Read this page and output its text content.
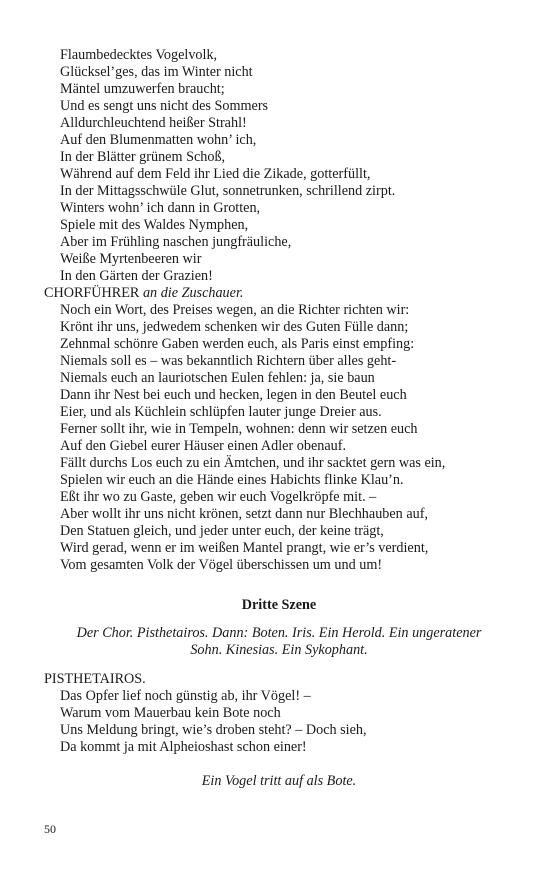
Flaumbedecktes Vogelvolk,
Glücksel’ges, das im Winter nicht
Mäntel umzuwerfen braucht;
Und es sengt uns nicht des Sommers
Alldurchleuchtend heißer Strahl!
Auf den Blumenmatten wohn’ ich,
In der Blätter grünem Schoß,
Während auf dem Feld ihr Lied die Zikade, gotterfüllt,
In der Mittagsschwüle Glut, sonnetrunken, schrillend zirpt.
Winters wohn’ ich dann in Grotten,
Spiele mit des Waldes Nymphen,
Aber im Frühling naschen jungfräuliche,
Weiße Myrtenbeeren wir
In den Gärten der Grazien!

CHORFÜHRER an die Zuschauer.

Noch ein Wort, des Preises wegen, an die Richter richten wir:
Krönt ihr uns, jedwedem schenken wir des Guten Fülle dann;
Zehnmal schönre Gaben werden euch, als Paris einst empfing:
Niemals soll es – was bekanntlich Richtern über alles geht-
Niemals euch an lauriotschen Eulen fehlen: ja, sie baun
Dann ihr Nest bei euch und hecken, legen in den Beutel euch
Eier, und als Küchlein schlüpfen lauter junge Dreier aus.
Ferner sollt ihr, wie in Tempeln, wohnen: denn wir setzen euch
Auf den Giebel eurer Häuser einen Adler obenauf.
Fällt durchs Los euch zu ein Ämtchen, und ihr sacktet gern was ein,
Spielen wir euch an die Hände eines Habichts flinke Klau’n.
Eßt ihr wo zu Gaste, geben wir euch Vogelkröpfe mit. –
Aber wollt ihr uns nicht krönen, setzt dann nur Blechhauben auf,
Den Statuen gleich, und jeder unter euch, der keine trägt,
Wird gerad, wenn er im weißen Mantel prangt, wie er’s verdient,
Vom gesamten Volk der Vögel überschissen um und um!

Dritte Szene

Der Chor. Pisthetairos. Dann: Boten. Iris. Ein Herold. Ein ungeratener
Sohn. Kinesias. Ein Sykophant.

PISTHETAIROS.

Das Opfer lief noch günstig ab, ihr Vögel! –
Warum vom Mauerbau kein Bote noch
Uns Meldung bringt, wie’s droben steht? – Doch sieh,
Da kommt ja mit Alpheioshast schon einer!

Ein Vogel tritt auf als Bote.

50
